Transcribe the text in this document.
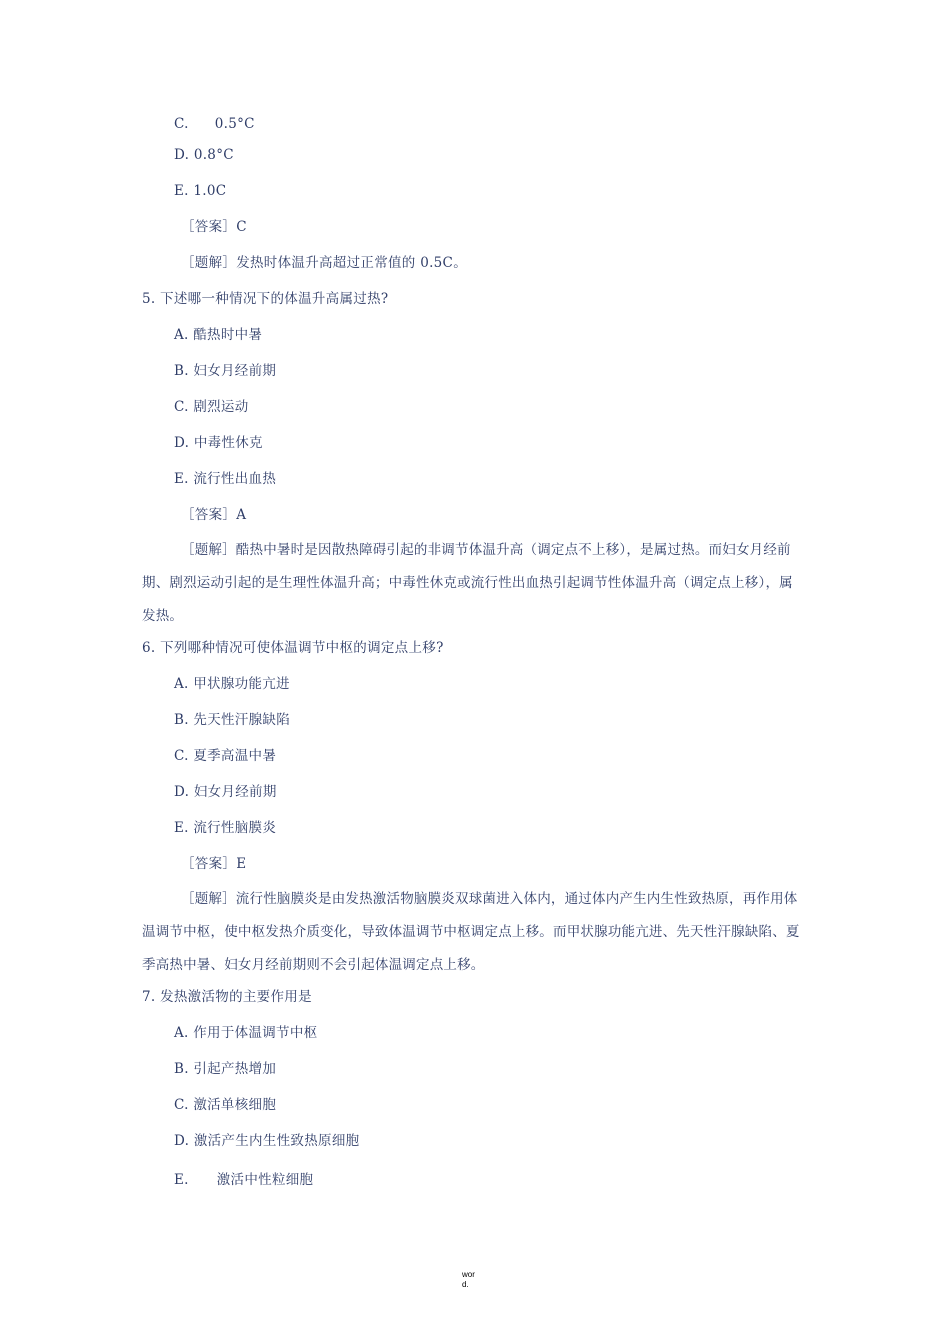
C. 0.5°C
D. 0.8°C
E. 1.0C
［答案］C
［题解］发热时体温升高超过正常值的 0.5C。
5. 下述哪一种情况下的体温升高属过热?
A. 酷热时中暑
B. 妇女月经前期
C. 剧烈运动
D. 中毒性休克
E. 流行性出血热
［答案］A
［题解］酷热中暑时是因散热障碍引起的非调节体温升高（调定点不上移），是属过热。而妇女月经前期、剧烈运动引起的是生理性体温升高；中毒性休克或流行性出血热引起调节性体温升高（调定点上移），属发热。
6. 下列哪种情况可使体温调节中枢的调定点上移?
A. 甲状腺功能亢进
B. 先天性汗腺缺陷
C. 夏季高温中暑
D. 妇女月经前期
E. 流行性脑膜炎
［答案］E
［题解］流行性脑膜炎是由发热激活物脑膜炎双球菌进入体内，通过体内产生内生性致热原，再作用体温调节中枢，使中枢发热介质变化，导致体温调节中枢调定点上移。而甲状腺功能亢进、先天性汗腺缺陷、夏季高热中暑、妇女月经前期则不会引起体温调定点上移。
7. 发热激活物的主要作用是
A. 作用于体温调节中枢
B. 引起产热增加
C. 激活单核细胞
D. 激活产生内生性致热原细胞
E. 激活中性粒细胞
wor
d.
